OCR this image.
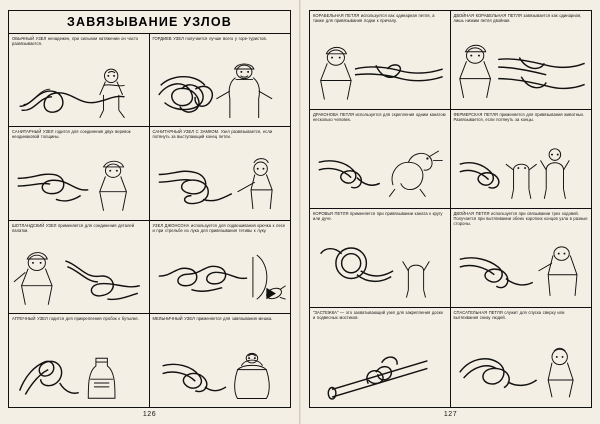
ЗАВЯЗЫВАНИЕ УЗЛОВ
ОБЫЧНЫЙ УЗЕЛ ненадежен, при сильном натяжении он часто развязывается.
ГОРДИЕВ УЗЕЛ получается лучше всего у горе-туристов.
САНИТАРНЫЙ УЗЕЛ годится для соединения двух веревок неодинаковой толщины.
САНИТАРНЫЙ УЗЕЛ С ЗАМКОМ. Узел развязывается, если потянуть за выступающий конец петли.
ШОТЛАНДСКИЙ УЗЕЛ применяется для соединения деталей палатки.
УЗЕЛ ДЖОНСОНА используется для подвешивания крючка к лесе и при стрельбе из лука для привязывания тетивы к луку.
АПТЕЧНЫЙ УЗЕЛ годится для прикрепления пробок к бутылке.	МЕЛЬНИЧНЫЙ УЗЕЛ применяется для завязывания мешка.
126
КОРАБЕЛЬНАЯ ПЕТЛЯ используется как одинарная петля, а также для привязывания лодки к причалу.
ДВОЙНАЯ КОРАБЕЛЬНАЯ ПЕТЛЯ завязывается как одинарная, лишь низким петля двойная.
ДРАКОНОВА ПЕТЛЯ используется для скрепления одним канатом несколько человек.
ФЕРМЕРСКАЯ ПЕТЛЯ применяется для привязывания животных. Развязывается, если потянуть за концы.
КОРОВЬЯ ПЕТЛЯ применяется при привязывании каната к кругу или дуче.
ДВОЙНАЯ ПЕТЛЯ используется при связывании трех ходовей. Получается при вытягивании обеих коротких концов узла в разные стороны.
"ЗАСТЕЖКА" — это захватывающий узел для закрепления доски и подвесных мостиков.
СПАСАТЕЛЬНАЯ ПЕТЛЯ служит для спуска сверху или вытягивания снизу людей.
127
